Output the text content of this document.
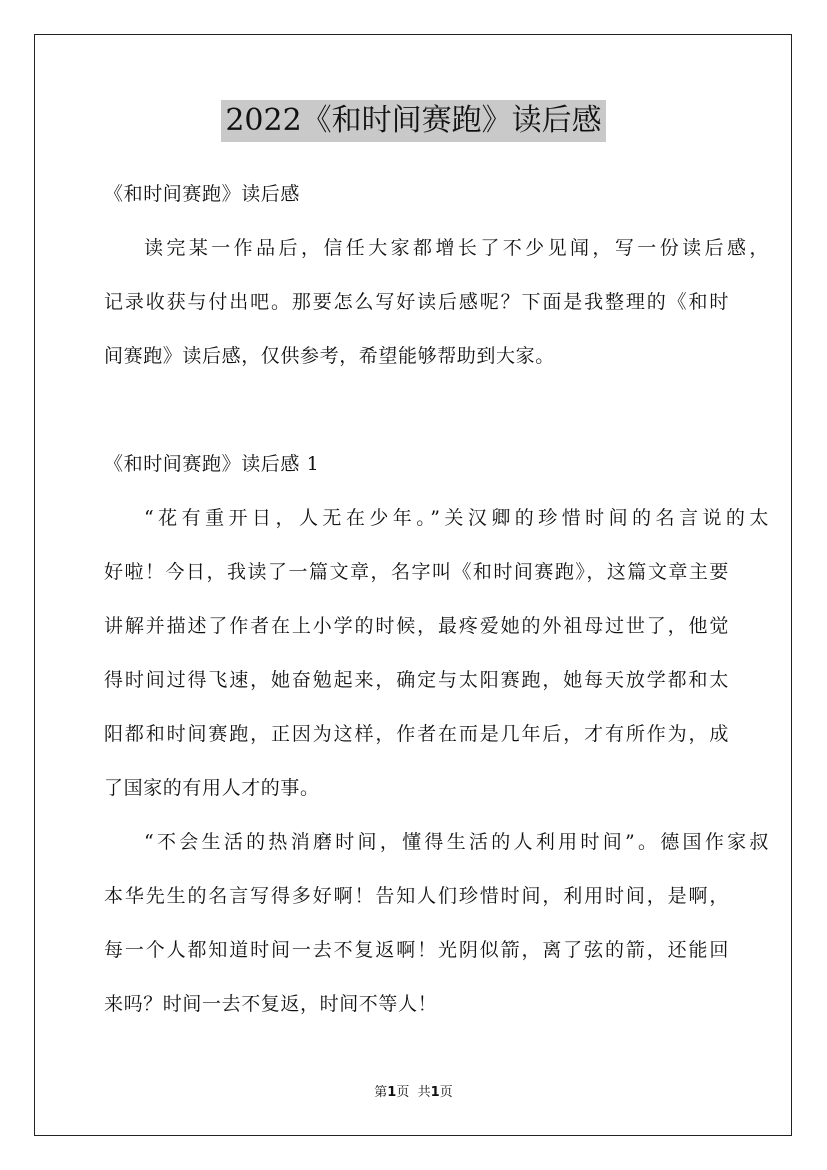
2022《和时间赛跑》读后感
《和时间赛跑》读后感
读完某一作品后，信任大家都增长了不少见闻，写一份读后感，
记录收获与付出吧。那要怎么写好读后感呢？下面是我整理的《和时
间赛跑》读后感，仅供参考，希望能够帮助到大家。
《和时间赛跑》读后感 1
“花有重开日，人无在少年。”关汉卿的珍惜时间的名言说的太
好啦！今日，我读了一篇文章，名字叫《和时间赛跑》，这篇文章主要
讲解并描述了作者在上小学的时候，最疼爱她的外祖母过世了，他觉
得时间过得飞速，她奋勉起来，确定与太阳赛跑，她每天放学都和太
阳都和时间赛跑，正因为这样，作者在而是几年后，才有所作为，成
了国家的有用人才的事。
“不会生活的热消磨时间，懂得生活的人利用时间”。德国作家叔
本华先生的名言写得多好啊！告知人们珍惜时间，利用时间，是啊，
每一个人都知道时间一去不复返啊！光阴似箭，离了弦的箭，还能回
来吗？时间一去不复返，时间不等人！
第1页 共1页
